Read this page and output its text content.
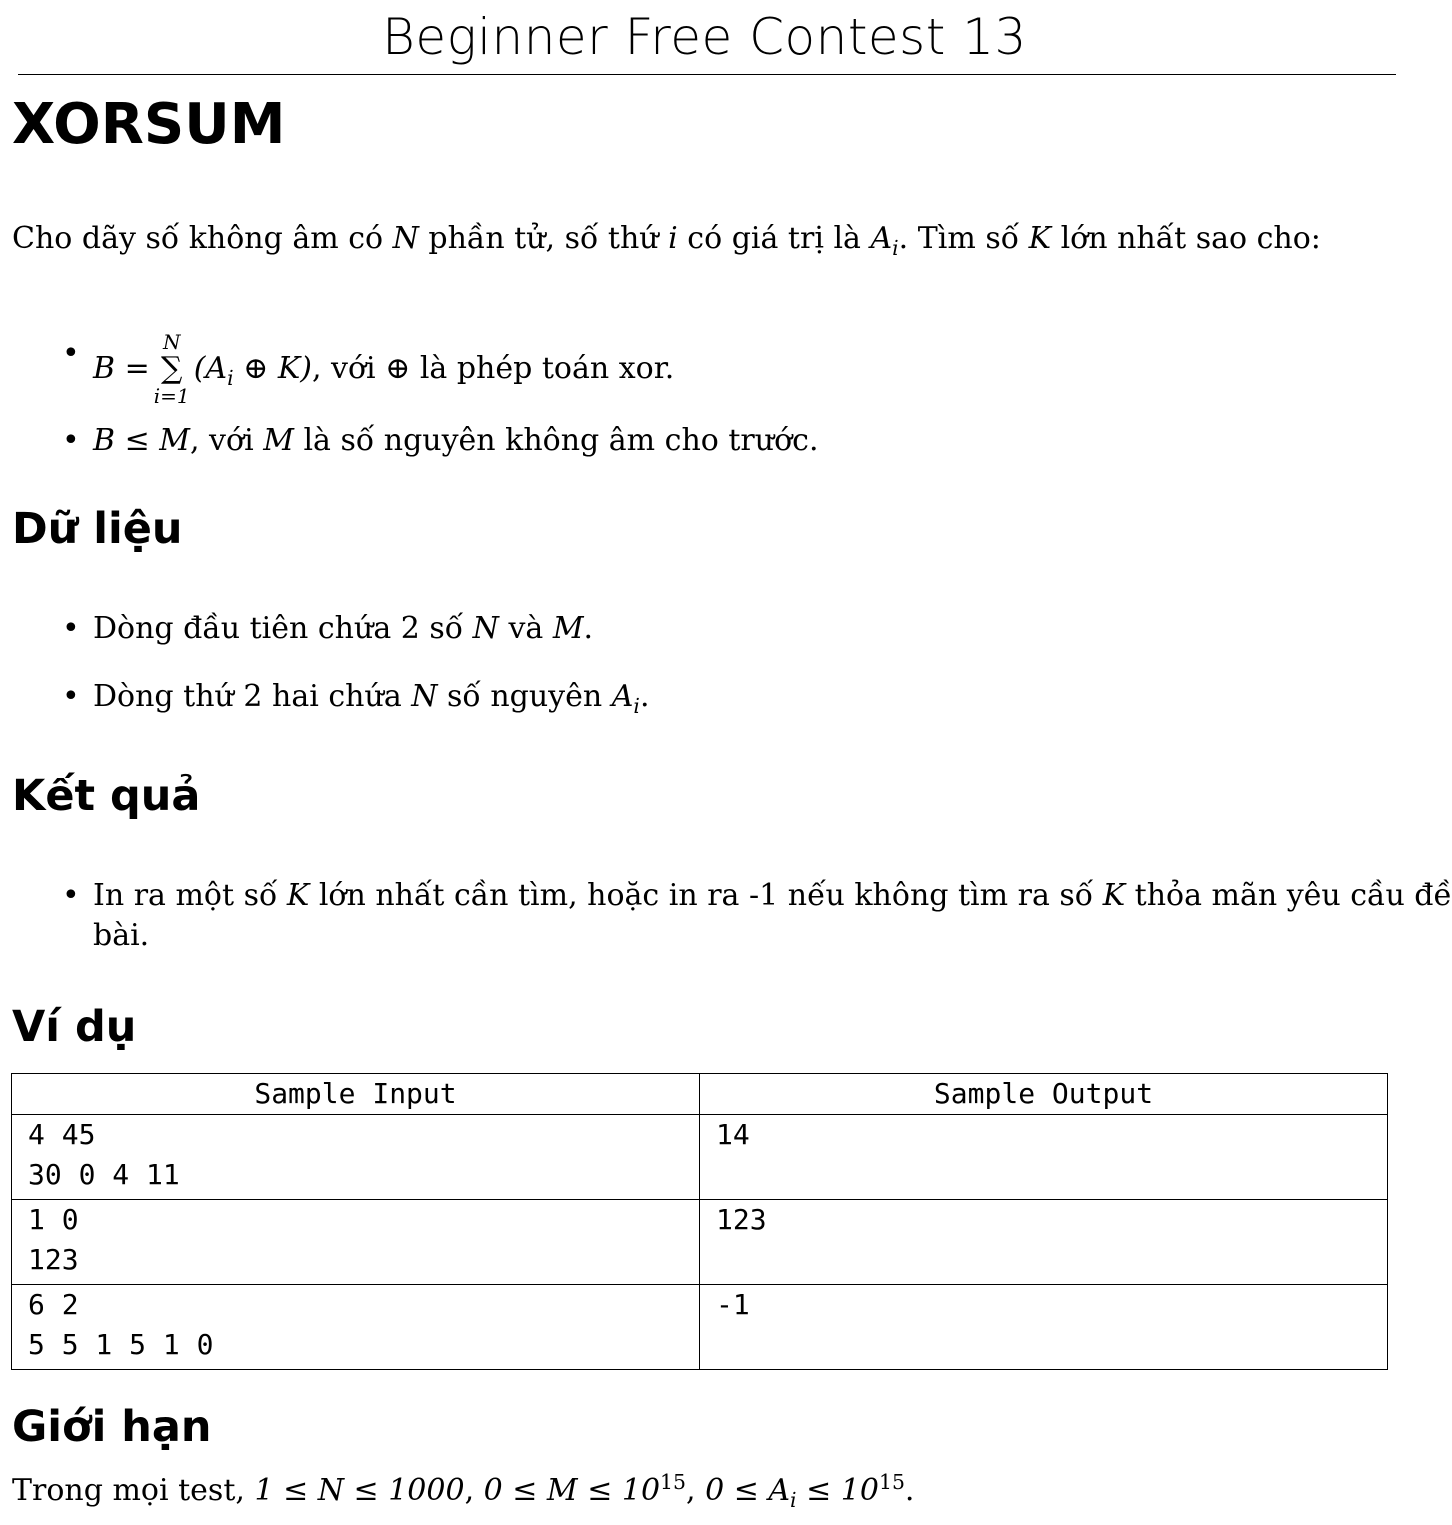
Beginner Free Contest 13
XORSUM
Cho dãy số không âm có N phần tử, số thứ i có giá trị là $A_i$. Tìm số K lớn nhất sao cho:
• B =
N
∑
i=1
($A_i$ ⊕ K), với ⊕ là phép toán xor.
• B ≤ M, với M là số nguyên không âm cho trước.
Dữ liệu
• Dòng đầu tiên chứa 2 số N và M.
• Dòng thứ 2 hai chứa N số nguyên $A_i$.
Kết quả
• In ra một số K lớn nhất cần tìm, hoặc in ra -1 nếu không tìm ra số K thỏa mãn yêu cầu đề
bài.
Ví dụ
Sample Input	Sample Output

4 45
30 0 4 11	14

1 0
123	123

6 2
5 5 1 5 1 0	-1
Giới hạn
Trong mọi test, 1 ≤ N ≤ 1000, $0 \le M \le 10^{15}$, $0 \le A_i \le 10^{15}$.
